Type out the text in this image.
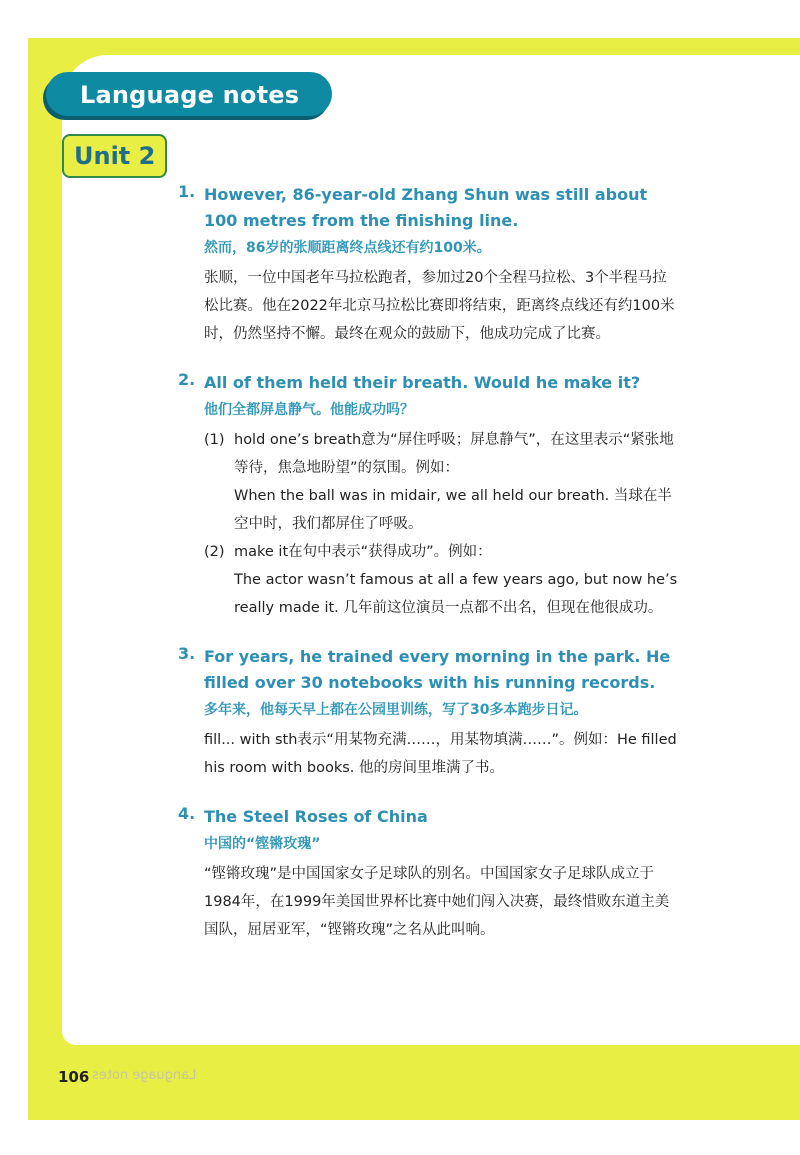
Language notes
Unit 2
1. However, 86-year-old Zhang Shun was still about 100 metres from the finishing line.
然而，86岁的张顺距离终点线还有约100米。
张顺，一位中国老年马拉松跑者，参加过20个全程马拉松、3个半程马拉松比赛。他在2022年北京马拉松比赛即将结束，距离终点线还有约100米时，仍然坚持不懈。最终在观众的鼓励下，他成功完成了比赛。
2. All of them held their breath. Would he make it?
他们全都屏息静气。他能成功吗？
(1) hold one’s breath意为“屏住呼吸；屏息静气”，在这里表示“紧张地等待，焦急地盼望”的氛围。例如：
When the ball was in midair, we all held our breath. 当球在半空中时，我们都屏住了呼吸。
(2) make it在句中表示“获得成功”。例如：
The actor wasn’t famous at all a few years ago, but now he’s really made it. 几年前这位演员一点都不出名，但现在他很成功。
3. For years, he trained every morning in the park. He filled over 30 notebooks with his running records.
多年来，他每天早上都在公园里训练，写了30多本跑步日记。
fill... with sth表示“用某物充满……，用某物填满……”。例如：He filled his room with books. 他的房间里堆满了书。
4. The Steel Roses of China
中国的“铿锵玫瑰”
“铿锵玫瑰”是中国国家女子足球队的别名。中国国家女子足球队成立于1984年，在1999年美国世界杯比赛中她们闯入决赛，最终惜败东道主美国队，屈居亚军，“铿锵玫瑰”之名从此叫响。
106 Language notes
